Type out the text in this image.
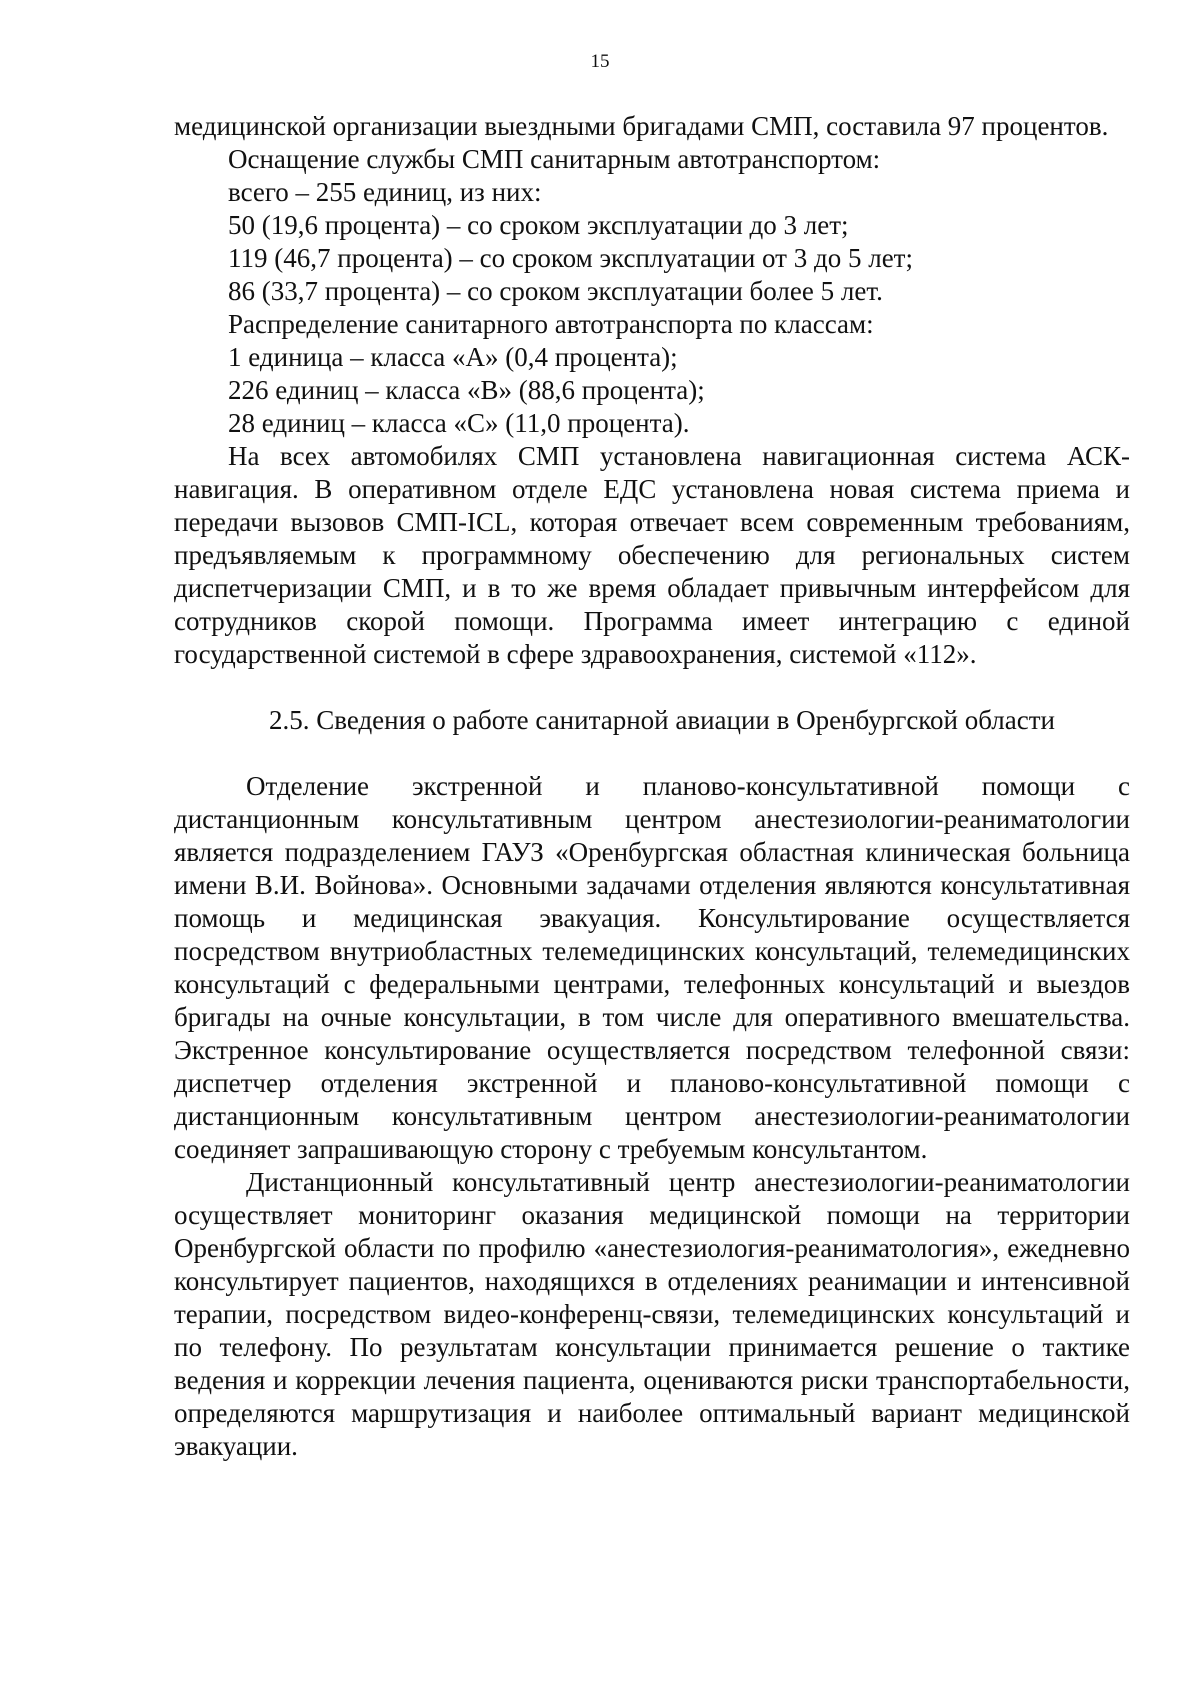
15

медицинской организации выездными бригадами СМП, составила 97 процентов.

Оснащение службы СМП санитарным автотранспортом:

всего – 255 единиц, из них:

50 (19,6 процента) – со сроком эксплуатации до 3 лет;

119 (46,7 процента) – со сроком эксплуатации от 3 до 5 лет;

86 (33,7 процента) – со сроком эксплуатации более 5 лет.

Распределение санитарного автотранспорта по классам:

1 единица – класса «А» (0,4 процента);

226 единиц – класса «В» (88,6 процента);

28 единиц – класса «С» (11,0 процента).

На всех автомобилях СМП установлена навигационная система АСК-навигация. В оперативном отделе ЕДС установлена новая система приема и передачи вызовов СМП-ICL, которая отвечает всем современным требованиям, предъявляемым к программному обеспечению для региональных систем диспетчеризации СМП, и в то же время обладает привычным интерфейсом для сотрудников скорой помощи. Программа имеет интеграцию с единой государственной системой в сфере здравоохранения, системой «112».

2.5. Сведения о работе санитарной авиации в Оренбургской области

Отделение экстренной и планово-консультативной помощи с дистанционным консультативным центром анестезиологии-реаниматологии является подразделением ГАУЗ «Оренбургская областная клиническая больница имени В.И. Войнова». Основными задачами отделения являются консультативная помощь и медицинская эвакуация. Консультирование осуществляется посредством внутриобластных телемедицинских консультаций, телемедицинских консультаций с федеральными центрами, телефонных консультаций и выездов бригады на очные консультации, в том числе для оперативного вмешательства. Экстренное консультирование осуществляется посредством телефонной связи: диспетчер отделения экстренной и планово-консультативной помощи с дистанционным консультативным центром анестезиологии-реаниматологии соединяет запрашивающую сторону с требуемым консультантом.

Дистанционный консультативный центр анестезиологии-реаниматологии осуществляет мониторинг оказания медицинской помощи на территории Оренбургской области по профилю «анестезиология-реаниматология», ежедневно консультирует пациентов, находящихся в отделениях реанимации и интенсивной терапии, посредством видео-конференц-связи, телемедицинских консультаций и по телефону. По результатам консультации принимается решение о тактике ведения и коррекции лечения пациента, оцениваются риски транспортабельности, определяются маршрутизация и наиболее оптимальный вариант медицинской эвакуации.
